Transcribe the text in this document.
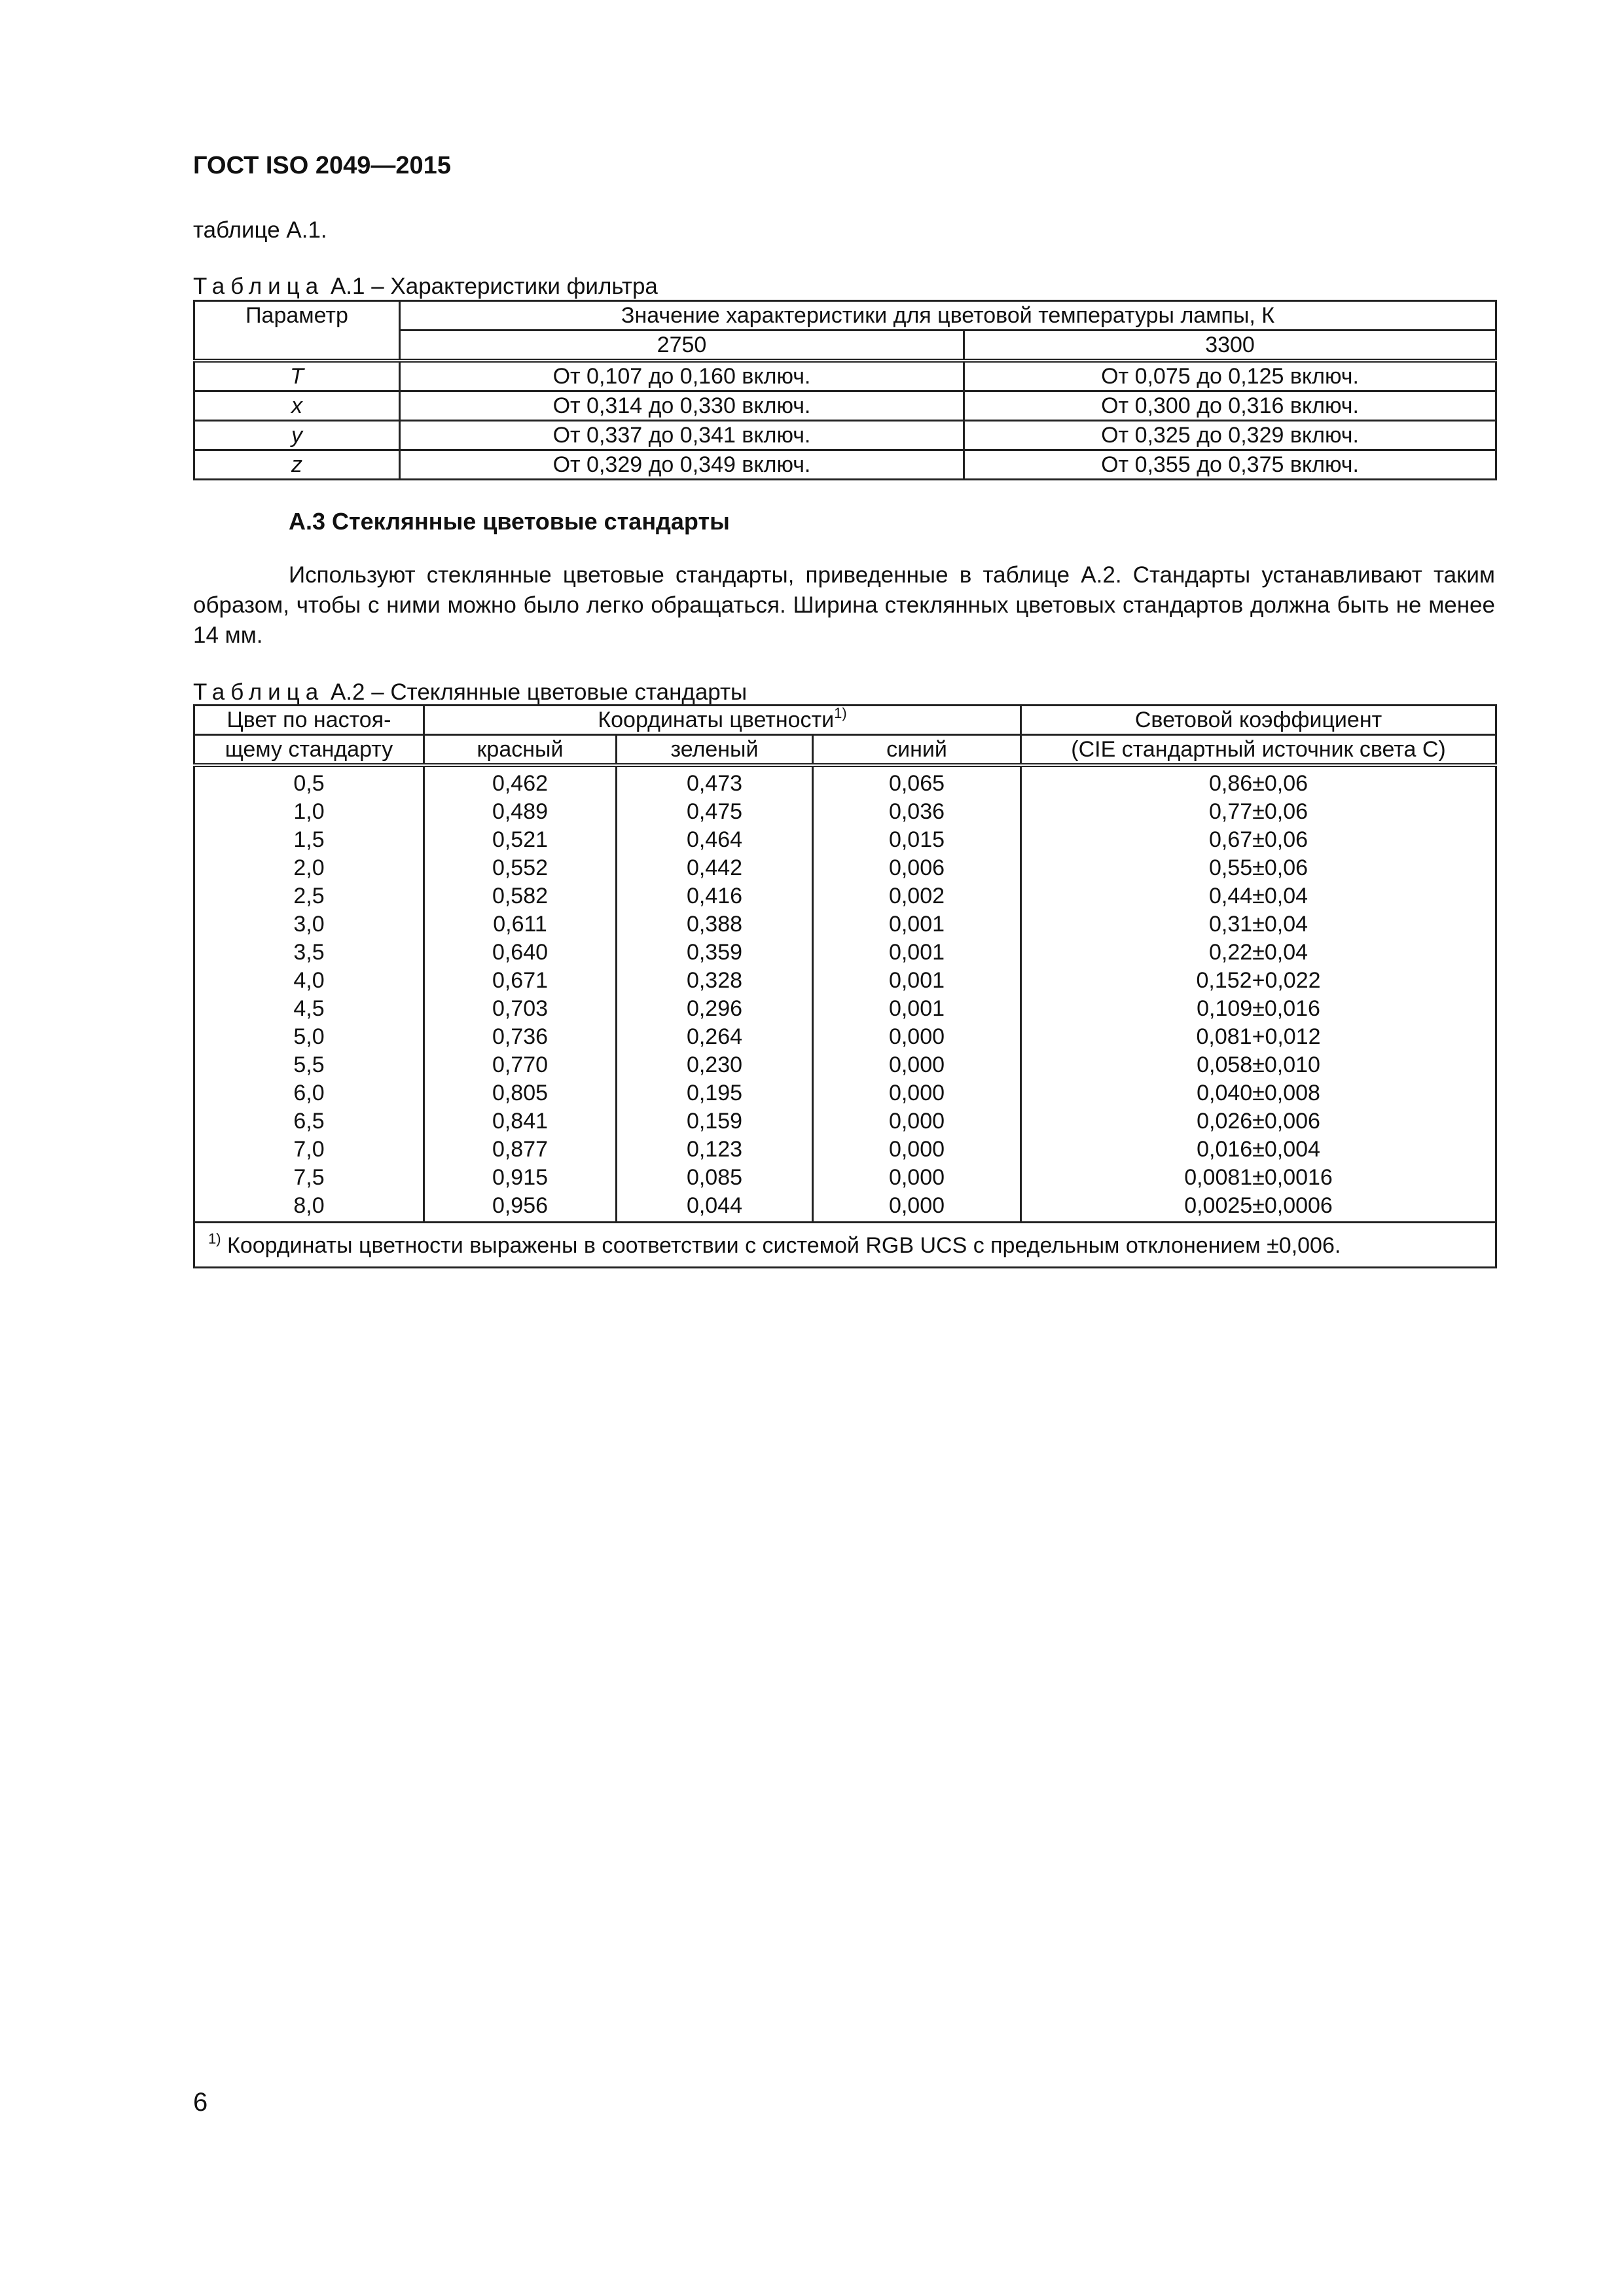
ГОСТ ISO 2049—2015
таблице А.1.
Таблица А.1 – Характеристики фильтра
Параметр	Значение характеристики для цветовой температуры лампы, К	
	2750	3300
T	От 0,107 до 0,160 включ.	От 0,075 до 0,125 включ.
x	От 0,314 до 0,330 включ.	От 0,300 до 0,316 включ.
y	От 0,337 до 0,341 включ.	От 0,325 до 0,329 включ.
z	От 0,329 до 0,349 включ.	От 0,355 до 0,375 включ.
А.3 Стеклянные цветовые стандарты
Используют стеклянные цветовые стандарты, приведенные в таблице А.2. Стандарты устанавливают таким образом, чтобы с ними можно было легко обращаться. Ширина стеклянных цветовых стандартов должна быть не менее 14 мм.
Таблица А.2 – Стеклянные цветовые стандарты
Цвет по настоя-	Координаты цветности$^{1)}$			Световой коэффициент
щему стандарту	красный	зеленый	синий	(CIE стандартный источник света C)
0,5	0,462	0,473	0,065	0,86±0,06
1,0	0,489	0,475	0,036	0,77±0,06
1,5	0,521	0,464	0,015	0,67±0,06
2,0	0,552	0,442	0,006	0,55±0,06
2,5	0,582	0,416	0,002	0,44±0,04
3,0	0,611	0,388	0,001	0,31±0,04
3,5	0,640	0,359	0,001	0,22±0,04
4,0	0,671	0,328	0,001	0,152+0,022
4,5	0,703	0,296	0,001	0,109±0,016
5,0	0,736	0,264	0,000	0,081+0,012
5,5	0,770	0,230	0,000	0,058±0,010
6,0	0,805	0,195	0,000	0,040±0,008
6,5	0,841	0,159	0,000	0,026±0,006
7,0	0,877	0,123	0,000	0,016±0,004
7,5	0,915	0,085	0,000	0,0081±0,0016
8,0	0,956	0,044	0,000	0,0025±0,0006
$^{1)}$ Координаты цветности выражены в соответствии с системой RGB UCS с предельным отклонением ±0,006.				
6
